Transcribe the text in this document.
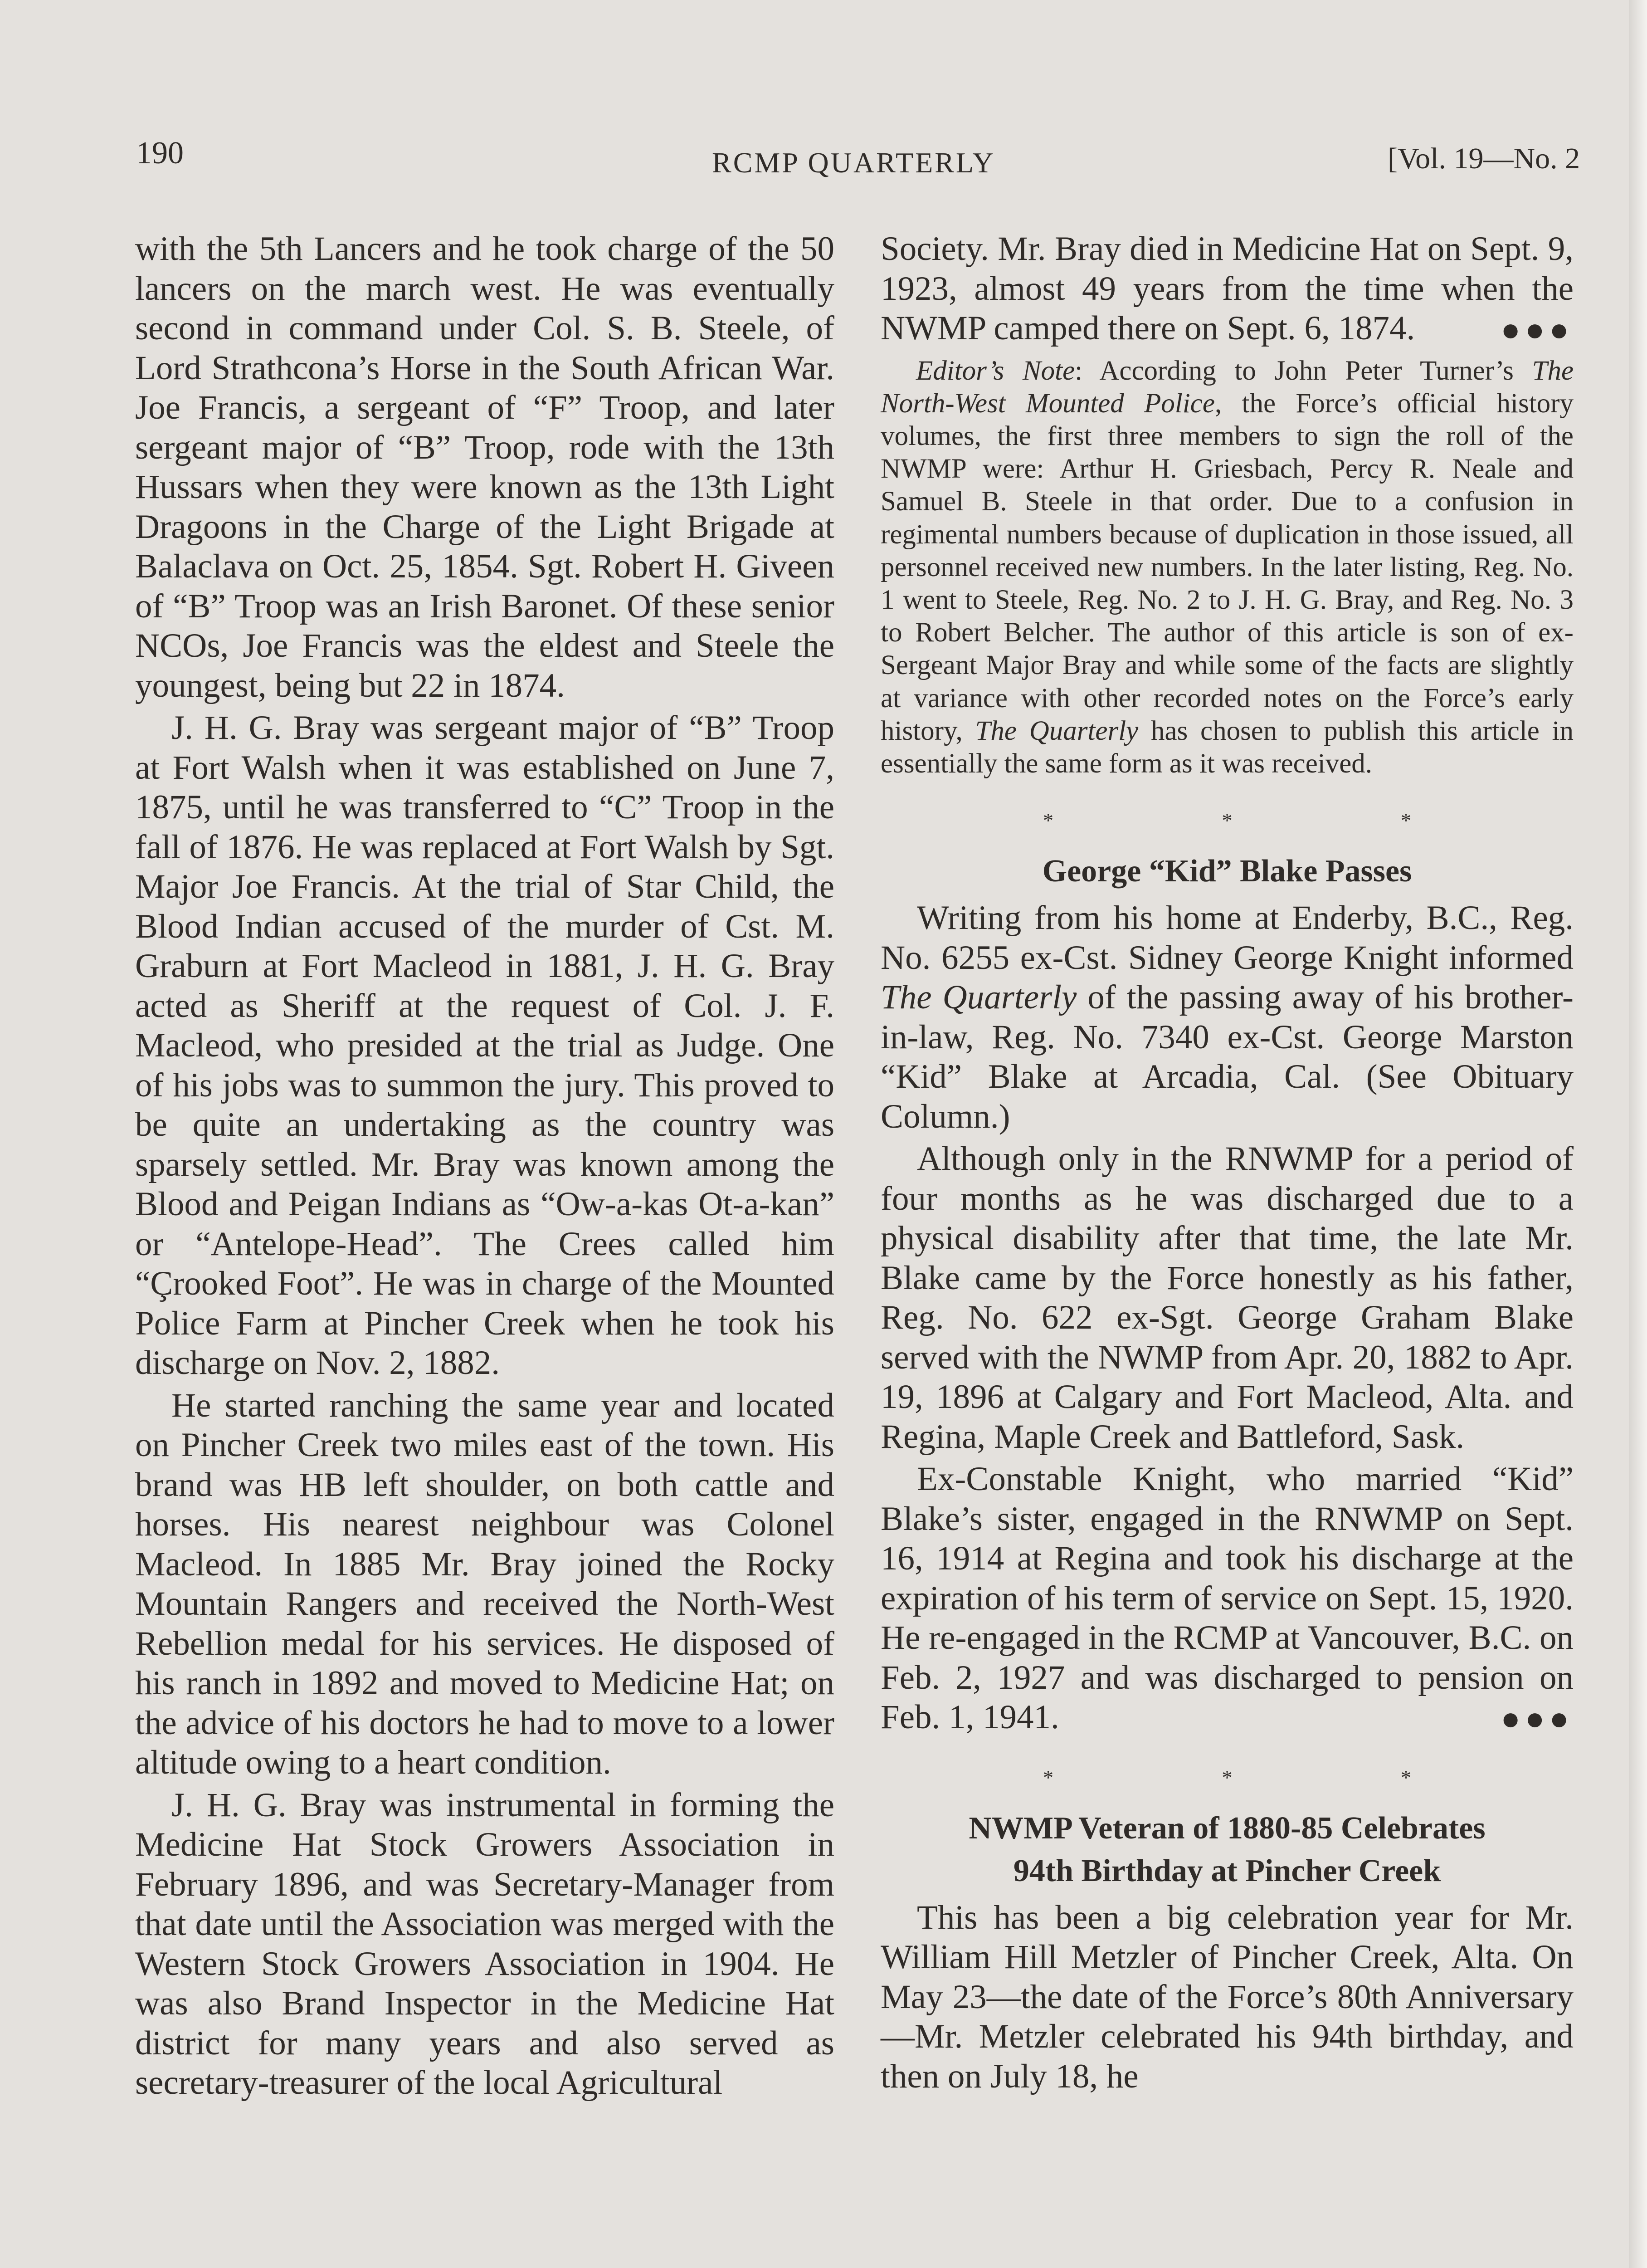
190	RCMP QUARTERLY	[Vol. 19—No. 2

with the 5th Lancers and he took charge of the 50 lancers on the march west. He was eventually second in command under Col. S. B. Steele, of Lord Strathcona’s Horse in the South African War. Joe Francis, a sergeant of “F” Troop, and later sergeant major of “B” Troop, rode with the 13th Hussars when they were known as the 13th Light Dragoons in the Charge of the Light Brigade at Balaclava on Oct. 25, 1854. Sgt. Robert H. Giveen of “B” Troop was an Irish Baronet. Of these senior NCOs, Joe Francis was the eldest and Steele the youngest, being but 22 in 1874.

J. H. G. Bray was sergeant major of “B” Troop at Fort Walsh when it was established on June 7, 1875, until he was transferred to “C” Troop in the fall of 1876. He was replaced at Fort Walsh by Sgt. Major Joe Francis. At the trial of Star Child, the Blood Indian accused of the murder of Cst. M. Graburn at Fort Macleod in 1881, J. H. G. Bray acted as Sheriff at the request of Col. J. F. Macleod, who presided at the trial as Judge. One of his jobs was to summon the jury. This proved to be quite an undertaking as the country was sparsely settled. Mr. Bray was known among the Blood and Peigan Indians as “Ow-a-kas Ot-a-kan” or “Antelope-Head”. The Crees called him “Çrooked Foot”. He was in charge of the Mounted Police Farm at Pincher Creek when he took his discharge on Nov. 2, 1882.

He started ranching the same year and located on Pincher Creek two miles east of the town. His brand was HB left shoulder, on both cattle and horses. His nearest neighbour was Colonel Macleod. In 1885 Mr. Bray joined the Rocky Mountain Rangers and received the North-West Rebellion medal for his services. He disposed of his ranch in 1892 and moved to Medicine Hat; on the advice of his doctors he had to move to a lower altitude owing to a heart condition.

J. H. G. Bray was instrumental in forming the Medicine Hat Stock Growers Association in February 1896, and was Secretary-Manager from that date until the Association was merged with the Western Stock Growers Association in 1904. He was also Brand Inspector in the Medicine Hat district for many years and also served as secretary-treasurer of the local Agricultural

Society. Mr. Bray died in Medicine Hat on Sept. 9, 1923, almost 49 years from the time when the NWMP camped there on Sept. 6, 1874.	●●●

Editor’s Note: According to John Peter Turner’s The North-West Mounted Police, the Force’s official history volumes, the first three members to sign the roll of the NWMP were: Arthur H. Griesbach, Percy R. Neale and Samuel B. Steele in that order. Due to a confusion in regimental numbers because of duplication in those issued, all personnel received new numbers. In the later listing, Reg. No. 1 went to Steele, Reg. No. 2 to J. H. G. Bray, and Reg. No. 3 to Robert Belcher. The author of this article is son of ex-Sergeant Major Bray and while some of the facts are slightly at variance with other recorded notes on the Force’s early history, The Quarterly has chosen to publish this article in essentially the same form as it was received.

* * *
George “Kid” Blake Passes

Writing from his home at Enderby, B.C., Reg. No. 6255 ex-Cst. Sidney George Knight informed The Quarterly of the passing away of his brother-in-law, Reg. No. 7340 ex-Cst. George Marston “Kid” Blake at Arcadia, Cal. (See Obituary Column.)

Although only in the RNWMP for a period of four months as he was discharged due to a physical disability after that time, the late Mr. Blake came by the Force honestly as his father, Reg. No. 622 ex-Sgt. George Graham Blake served with the NWMP from Apr. 20, 1882 to Apr. 19, 1896 at Calgary and Fort Macleod, Alta. and Regina, Maple Creek and Battleford, Sask.

Ex-Constable Knight, who married “Kid” Blake’s sister, engaged in the RNWMP on Sept. 16, 1914 at Regina and took his discharge at the expiration of his term of service on Sept. 15, 1920. He re-engaged in the RCMP at Vancouver, B.C. on Feb. 2, 1927 and was discharged to pension on Feb. 1, 1941.	●●●

* * *
NWMP Veteran of 1880-85 Celebrates
94th Birthday at Pincher Creek

This has been a big celebration year for Mr. William Hill Metzler of Pincher Creek, Alta. On May 23—the date of the Force’s 80th Anniversary—Mr. Metzler celebrated his 94th birthday, and then on July 18, he
